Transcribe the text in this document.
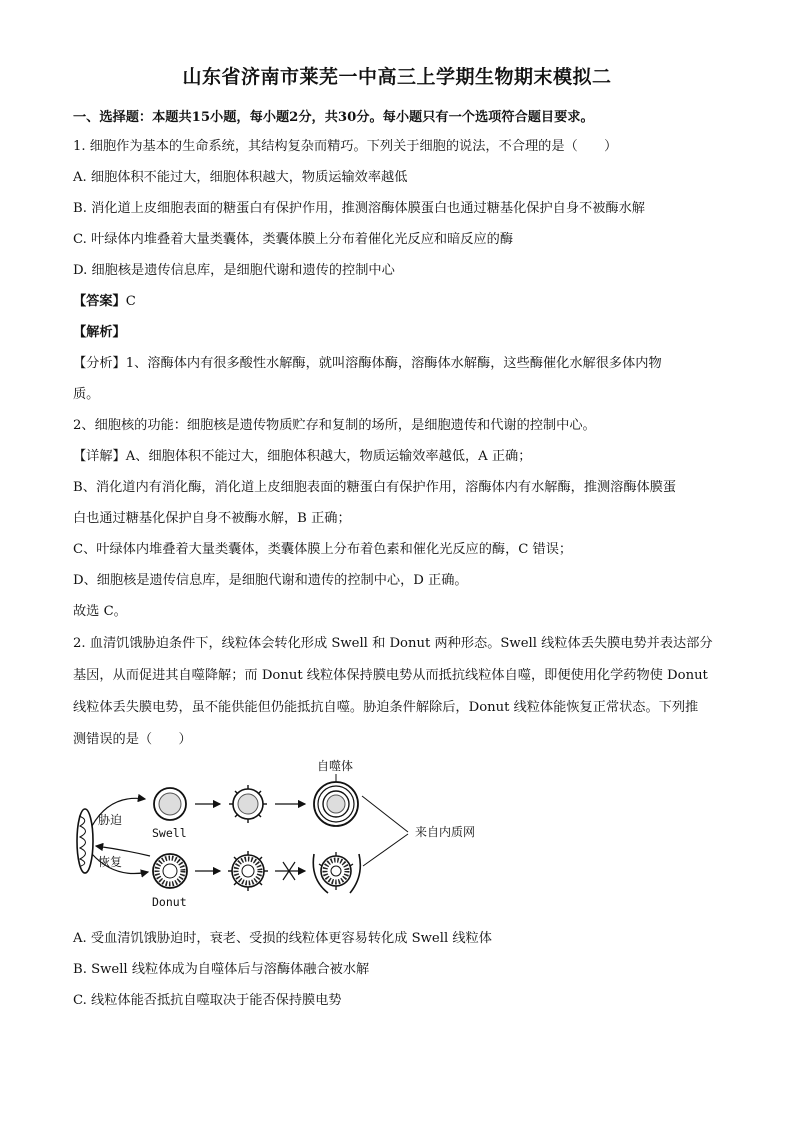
山东省济南市莱芜一中高三上学期生物期末模拟二
一、选择题：本题共15小题，每小题2分，共30分。每小题只有一个选项符合题目要求。
1. 细胞作为基本的生命系统，其结构复杂而精巧。下列关于细胞的说法，不合理的是（　　）
A. 细胞体积不能过大，细胞体积越大，物质运输效率越低
B. 消化道上皮细胞表面的糖蛋白有保护作用，推测溶酶体膜蛋白也通过糖基化保护自身不被酶水解
C. 叶绿体内堆叠着大量类囊体，类囊体膜上分布着催化光反应和暗反应的酶
D. 细胞核是遗传信息库，是细胞代谢和遗传的控制中心
【答案】C
【解析】
【分析】1、溶酶体内有很多酸性水解酶，就叫溶酶体酶，溶酶体水解酶，这些酶催化水解很多体内物
质。
2、细胞核的功能：细胞核是遗传物质贮存和复制的场所，是细胞遗传和代谢的控制中心。
【详解】A、细胞体积不能过大，细胞体积越大，物质运输效率越低，A 正确；
B、消化道内有消化酶，消化道上皮细胞表面的糖蛋白有保护作用，溶酶体内有水解酶，推测溶酶体膜蛋
白也通过糖基化保护自身不被酶水解，B 正确；
C、叶绿体内堆叠着大量类囊体，类囊体膜上分布着色素和催化光反应的酶，C 错误；
D、细胞核是遗传信息库，是细胞代谢和遗传的控制中心，D 正确。
故选 C。
2. 血清饥饿胁迫条件下，线粒体会转化形成 Swell 和 Donut 两种形态。Swell 线粒体丢失膜电势并表达部分
基因，从而促进其自噬降解；而 Donut 线粒体保持膜电势从而抵抗线粒体自噬，即便使用化学药物使 Donut
线粒体丢失膜电势，虽不能供能但仍能抵抗自噬。胁迫条件解除后，Donut 线粒体能恢复正常状态。下列推
测错误的是（　　）
胁迫
恢复
Swell
Donut
自噬体
来自内质网
A. 受血清饥饿胁迫时，衰老、受损的线粒体更容易转化成 Swell 线粒体
B. Swell 线粒体成为自噬体后与溶酶体融合被水解
C. 线粒体能否抵抗自噬取决于能否保持膜电势
